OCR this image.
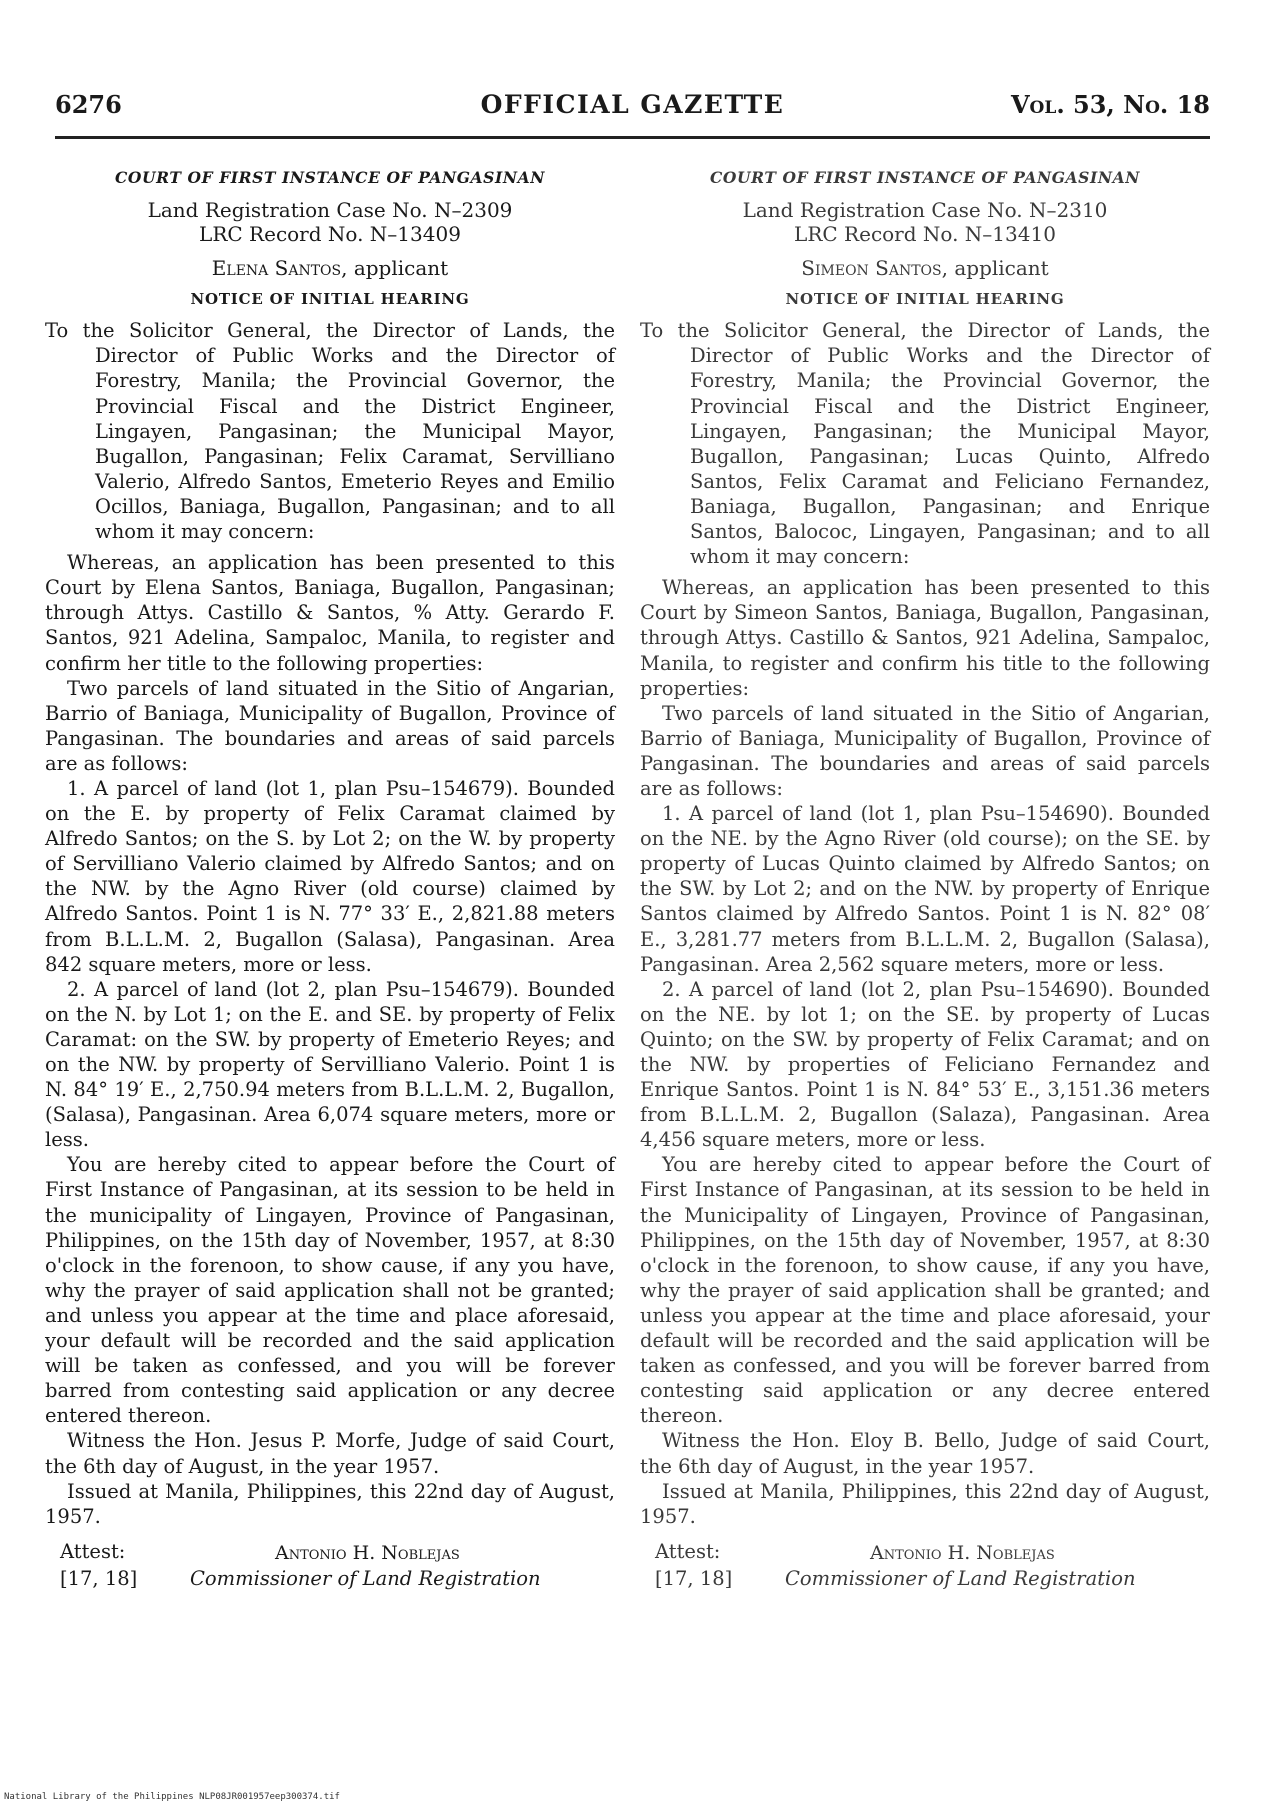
6276	OFFICIAL GAZETTE	Vol. 53, No. 18
COURT OF FIRST INSTANCE OF PANGASINAN
Land Registration Case No. N–2309
LRC Record No. N–13409
Elena Santos, applicant
NOTICE OF INITIAL HEARING

To the Solicitor General, the Director of Lands, the Director of Public Works and the Director of Forestry, Manila; the Provincial Governor, the Provincial Fiscal and the District Engineer, Lingayen, Pangasinan; the Municipal Mayor, Bugallon, Pangasinan; Felix Caramat, Servilliano Valerio, Alfredo Santos, Emeterio Reyes and Emilio Ocillos, Baniaga, Bugallon, Pangasinan; and to all whom it may concern:

Whereas, an application has been presented to this Court by Elena Santos, Baniaga, Bugallon, Pangasinan; through Attys. Castillo & Santos, % Atty. Gerardo F. Santos, 921 Adelina, Sampaloc, Manila, to register and confirm her title to the following properties:

Two parcels of land situated in the Sitio of Angarian, Barrio of Baniaga, Municipality of Bugallon, Province of Pangasinan. The boundaries and areas of said parcels are as follows:

1. A parcel of land (lot 1, plan Psu–154679). Bounded on the E. by property of Felix Caramat claimed by Alfredo Santos; on the S. by Lot 2; on the W. by property of Servilliano Valerio claimed by Alfredo Santos; and on the NW. by the Agno River (old course) claimed by Alfredo Santos. Point 1 is N. 77° 33′ E., 2,821.88 meters from B.L.L.M. 2, Bugallon (Salasa), Pangasinan. Area 842 square meters, more or less.

2. A parcel of land (lot 2, plan Psu–154679). Bounded on the N. by Lot 1; on the E. and SE. by property of Felix Caramat: on the SW. by property of Emeterio Reyes; and on the NW. by property of Servilliano Valerio. Point 1 is N. 84° 19′ E., 2,750.94 meters from B.L.L.M. 2, Bugallon, (Salasa), Pangasinan. Area 6,074 square meters, more or less.

You are hereby cited to appear before the Court of First Instance of Pangasinan, at its session to be held in the municipality of Lingayen, Province of Pangasinan, Philippines, on the 15th day of November, 1957, at 8:30 o'clock in the forenoon, to show cause, if any you have, why the prayer of said application shall not be granted; and unless you appear at the time and place aforesaid, your default will be recorded and the said application will be taken as confessed, and you will be forever barred from contesting said application or any decree entered thereon.

Witness the Hon. Jesus P. Morfe, Judge of said Court, the 6th day of August, in the year 1957.

Issued at Manila, Philippines, this 22nd day of August, 1957.

Attest:
[17, 18]
Antonio H. Noblejas
Commissioner of Land Registration
COURT OF FIRST INSTANCE OF PANGASINAN
Land Registration Case No. N–2310
LRC Record No. N–13410
Simeon Santos, applicant
NOTICE OF INITIAL HEARING

To the Solicitor General, the Director of Lands, the Director of Public Works and the Director of Forestry, Manila; the Provincial Governor, the Provincial Fiscal and the District Engineer, Lingayen, Pangasinan; the Municipal Mayor, Bugallon, Pangasinan; Lucas Quinto, Alfredo Santos, Felix Caramat and Feliciano Fernandez, Baniaga, Bugallon, Pangasinan; and Enrique Santos, Balococ, Lingayen, Pangasinan; and to all whom it may concern:

Whereas, an application has been presented to this Court by Simeon Santos, Baniaga, Bugallon, Pangasinan, through Attys. Castillo & Santos, 921 Adelina, Sampaloc, Manila, to register and confirm his title to the following properties:

Two parcels of land situated in the Sitio of Angarian, Barrio of Baniaga, Municipality of Bugallon, Province of Pangasinan. The boundaries and areas of said parcels are as follows:

1. A parcel of land (lot 1, plan Psu–154690). Bounded on the NE. by the Agno River (old course); on the SE. by property of Lucas Quinto claimed by Alfredo Santos; on the SW. by Lot 2; and on the NW. by property of Enrique Santos claimed by Alfredo Santos. Point 1 is N. 82° 08′ E., 3,281.77 meters from B.L.L.M. 2, Bugallon (Salasa), Pangasinan. Area 2,562 square meters, more or less.

2. A parcel of land (lot 2, plan Psu–154690). Bounded on the NE. by lot 1; on the SE. by property of Lucas Quinto; on the SW. by property of Felix Caramat; and on the NW. by properties of Feliciano Fernandez and Enrique Santos. Point 1 is N. 84° 53′ E., 3,151.36 meters from B.L.L.M. 2, Bugallon (Salaza), Pangasinan. Area 4,456 square meters, more or less.

You are hereby cited to appear before the Court of First Instance of Pangasinan, at its session to be held in the Municipality of Lingayen, Province of Pangasinan, Philippines, on the 15th day of November, 1957, at 8:30 o'clock in the forenoon, to show cause, if any you have, why the prayer of said application shall be granted; and unless you appear at the time and place aforesaid, your default will be recorded and the said application will be taken as confessed, and you will be forever barred from contesting said application or any decree entered thereon.

Witness the Hon. Eloy B. Bello, Judge of said Court, the 6th day of August, in the year 1957.

Issued at Manila, Philippines, this 22nd day of August, 1957.

Attest:
[17, 18]
Antonio H. Noblejas
Commissioner of Land Registration
National Library of the Philippines NLP08JR001957eep300374.tif
